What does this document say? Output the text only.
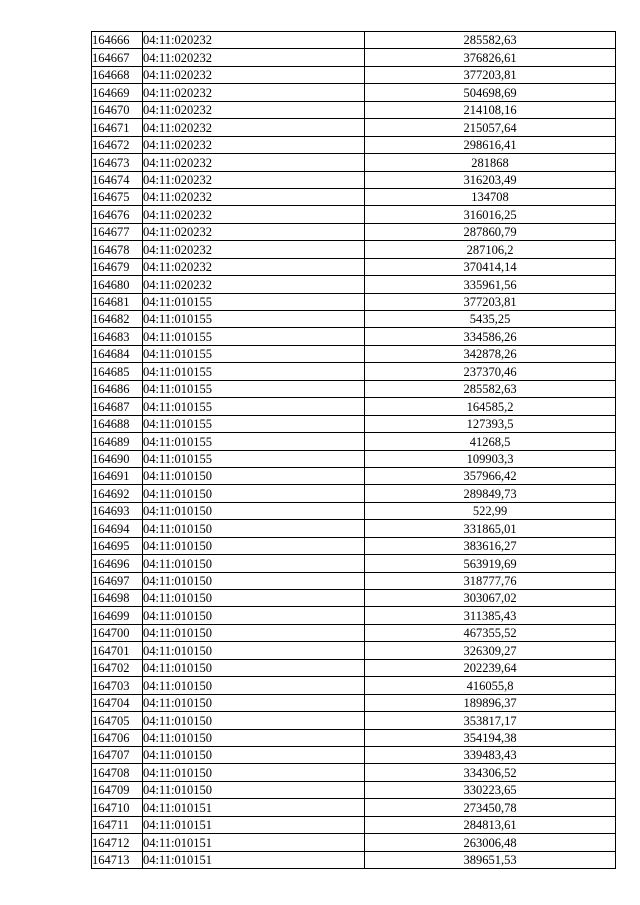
164666	04:11:020232	285582,63
164667	04:11:020232	376826,61
164668	04:11:020232	377203,81
164669	04:11:020232	504698,69
164670	04:11:020232	214108,16
164671	04:11:020232	215057,64
164672	04:11:020232	298616,41
164673	04:11:020232	281868
164674	04:11:020232	316203,49
164675	04:11:020232	134708
164676	04:11:020232	316016,25
164677	04:11:020232	287860,79
164678	04:11:020232	287106,2
164679	04:11:020232	370414,14
164680	04:11:020232	335961,56
164681	04:11:010155	377203,81
164682	04:11:010155	5435,25
164683	04:11:010155	334586,26
164684	04:11:010155	342878,26
164685	04:11:010155	237370,46
164686	04:11:010155	285582,63
164687	04:11:010155	164585,2
164688	04:11:010155	127393,5
164689	04:11:010155	41268,5
164690	04:11:010155	109903,3
164691	04:11:010150	357966,42
164692	04:11:010150	289849,73
164693	04:11:010150	522,99
164694	04:11:010150	331865,01
164695	04:11:010150	383616,27
164696	04:11:010150	563919,69
164697	04:11:010150	318777,76
164698	04:11:010150	303067,02
164699	04:11:010150	311385,43
164700	04:11:010150	467355,52
164701	04:11:010150	326309,27
164702	04:11:010150	202239,64
164703	04:11:010150	416055,8
164704	04:11:010150	189896,37
164705	04:11:010150	353817,17
164706	04:11:010150	354194,38
164707	04:11:010150	339483,43
164708	04:11:010150	334306,52
164709	04:11:010150	330223,65
164710	04:11:010151	273450,78
164711	04:11:010151	284813,61
164712	04:11:010151	263006,48
164713	04:11:010151	389651,53
